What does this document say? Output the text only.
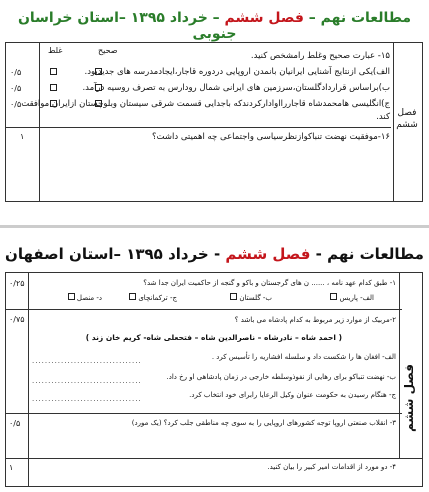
مطالعات نهم – فصل ششم – خرداد ۱۳۹۵ –استان خراسان جنوبی
فصل ششم
صحیح
غلط
۱۵- عبارت صحیح وغلط رامشخص کنید.
الف)یکی ازنتایج آشنایی ایرانیان بانمدن اروپایی دردوره قاجار،ایجادمدرسه های جدیدبود.
۰/۵
ب)براساس قراردادگلستان،سرزمین های ایرانی شمال رودارس به تصرف روسیه درآمد.
۰/۵
ج)انگلیسی هامحمدشاه قاجاررااوادارکردندکه باجدایی قسمت شرقی سیستان وبلوچستان ازایران موافقت
۰/۵
کند.
۱۶-موفقیت نهضت تنباکوازنظرسیاسی واجتماعی چه اهمیتی داشت؟
۱
مطالعات نهم - فصل ششم - خرداد ۱۳۹۵ –استان اصفهان
فصل ششم
۱- طبق کدام عهد نامه ، ...... ن های گرجستان و باکو و گنجه از حاکمیت ایران جدا شد؟
۰/۲۵
الف- پاریس
ب- گلستان
ج- ترکمانچای
د- منصل
۲-مربیک از موارد زیر مربوط به کدام پادشاه می باشد ؟
۰/۷۵
( احمد شاه – نادرشاه – ناصرالدین شاه – فتحعلی شاه- کریم خان زند )
الف- افغان ها را شکست داد و سلسله افشاریه را تأسیس کرد .
..................................
ب- نهضت تنباکو برای رهایی از نفوذوسلطه خارجی در زمان پادشاهی او رخ داد.
..................................
ج- هنگام رسیدن به حکومت عنوان وکیل الرعایا رابرای خود انتخاب کرد.
..................................
۳- انقلاب صنعتی اروپا توجه کشورهای اروپایی را به سوی چه مناطقی جلب کرد؟ (یک مورد)
۰/۵
۴- دو مورد از اقدامات امیر کبیر را بیان کنید.
۱
